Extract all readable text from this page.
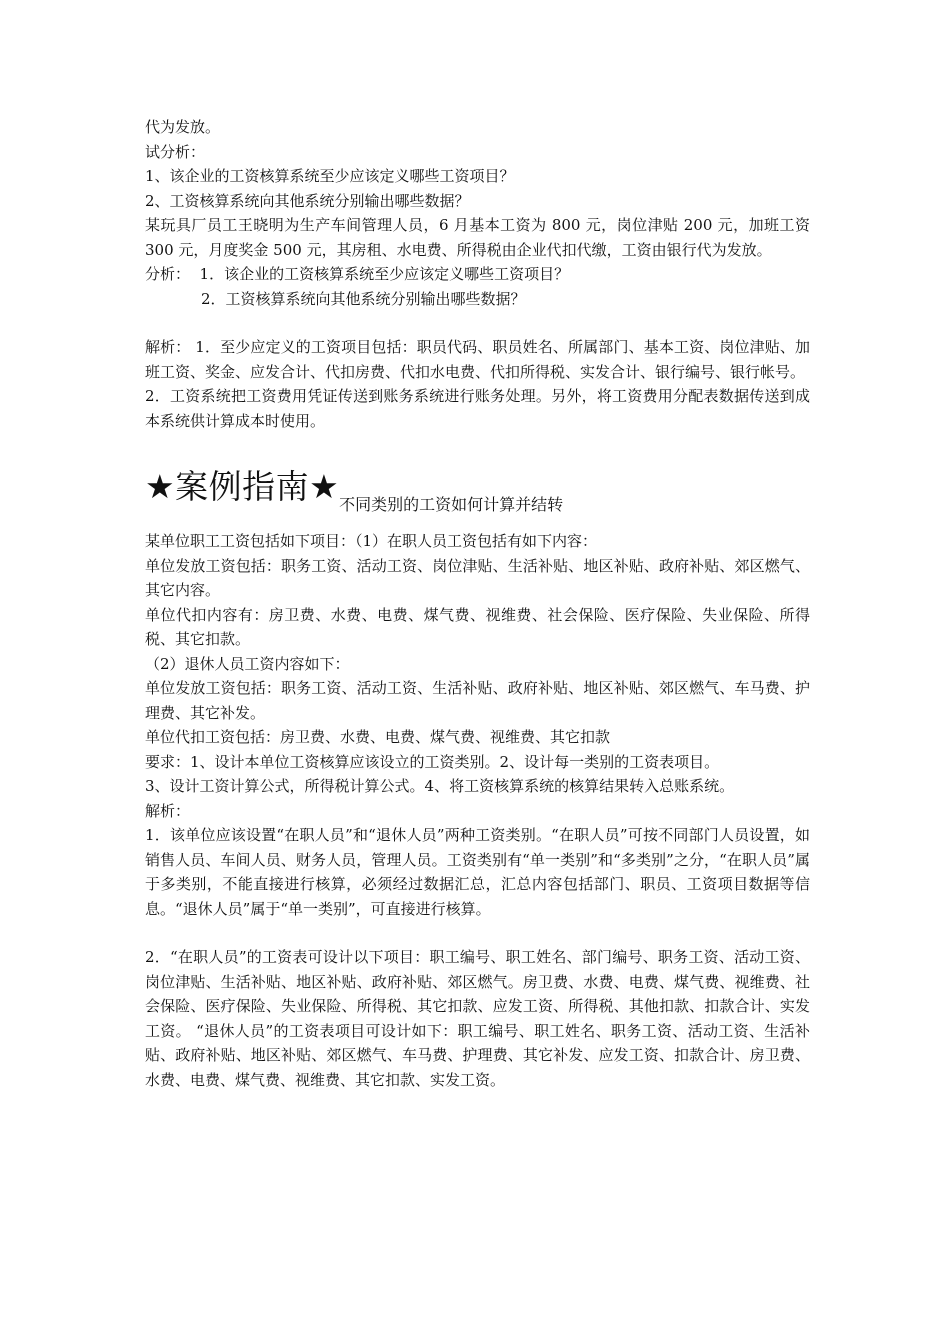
代为发放。

试分析：

1、该企业的工资核算系统至少应该定义哪些工资项目？

2、工资核算系统向其他系统分别输出哪些数据？

某玩具厂员工王晓明为生产车间管理人员，6 月基本工资为 800 元，岗位津贴 200 元，加班工资 300 元，月度奖金 500 元，其房租、水电费、所得税由企业代扣代缴，工资由银行代为发放。

分析：  1．该企业的工资核算系统至少应该定义哪些工资项目？

2．工资核算系统向其他系统分别输出哪些数据？

解析： 1．至少应定义的工资项目包括：职员代码、职员姓名、所属部门、基本工资、岗位津贴、加班工资、奖金、应发合计、代扣房费、代扣水电费、代扣所得税、实发合计、银行编号、银行帐号。

2．工资系统把工资费用凭证传送到账务系统进行账务处理。另外，将工资费用分配表数据传送到成本系统供计算成本时使用。

★案例指南★不同类别的工资如何计算并结转

某单位职工工资包括如下项目：（1）在职人员工资包括有如下内容：

单位发放工资包括：职务工资、活动工资、岗位津贴、生活补贴、地区补贴、政府补贴、郊区燃气、其它内容。

单位代扣内容有：房卫费、水费、电费、煤气费、视维费、社会保险、医疗保险、失业保险、所得税、其它扣款。

（2）退休人员工资内容如下：

单位发放工资包括：职务工资、活动工资、生活补贴、政府补贴、地区补贴、郊区燃气、车马费、护理费、其它补发。

单位代扣工资包括：房卫费、水费、电费、煤气费、视维费、其它扣款

要求：1、设计本单位工资核算应该设立的工资类别。2、设计每一类别的工资表项目。

3、设计工资计算公式，所得税计算公式。4、将工资核算系统的核算结果转入总账系统。

解析：

1．该单位应该设置“在职人员”和“退休人员”两种工资类别。“在职人员”可按不同部门人员设置，如销售人员、车间人员、财务人员，管理人员。工资类别有“单一类别”和“多类别”之分，“在职人员”属于多类别，不能直接进行核算，必须经过数据汇总，汇总内容包括部门、职员、工资项目数据等信息。“退休人员”属于“单一类别”，可直接进行核算。

2．“在职人员”的工资表可设计以下项目：职工编号、职工姓名、部门编号、职务工资、活动工资、岗位津贴、生活补贴、地区补贴、政府补贴、郊区燃气。房卫费、水费、电费、煤气费、视维费、社会保险、医疗保险、失业保险、所得税、其它扣款、应发工资、所得税、其他扣款、扣款合计、实发工资。 “退休人员”的工资表项目可设计如下：职工编号、职工姓名、职务工资、活动工资、生活补贴、政府补贴、地区补贴、郊区燃气、车马费、护理费、其它补发、应发工资、扣款合计、房卫费、水费、电费、煤气费、视维费、其它扣款、实发工资。
